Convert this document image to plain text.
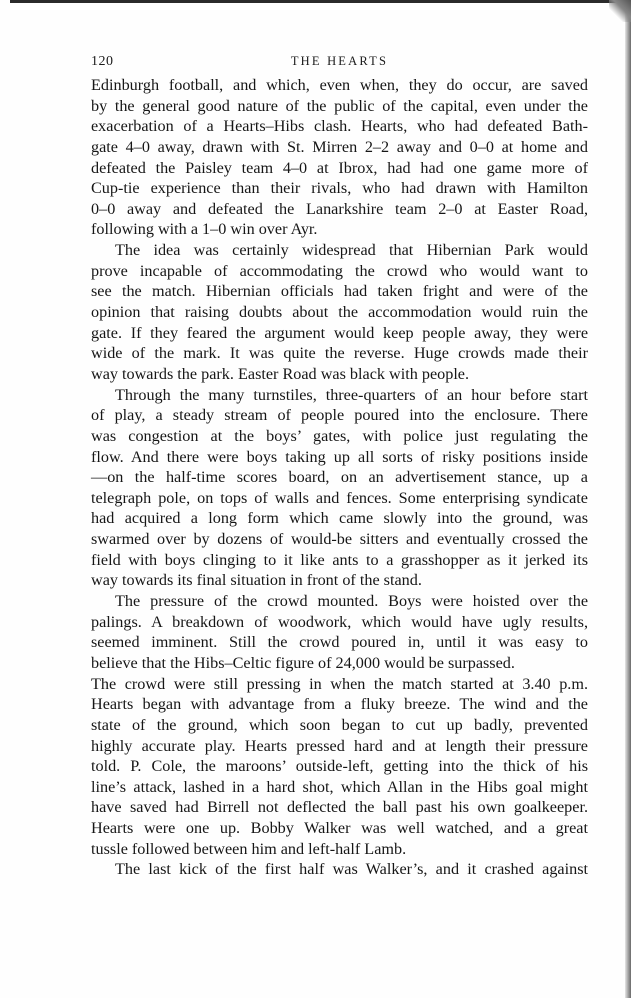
120	THE HEARTS
Edinburgh football, and which, even when, they do occur, are saved
by the general good nature of the public of the capital, even under the
exacerbation of a Hearts–Hibs clash. Hearts, who had defeated Bath-
gate 4–0 away, drawn with St. Mirren 2–2 away and 0–0 at home and
defeated the Paisley team 4–0 at Ibrox, had had one game more of
Cup-tie experience than their rivals, who had drawn with Hamilton
0–0 away and defeated the Lanarkshire team 2–0 at Easter Road,
following with a 1–0 win over Ayr.
The idea was certainly widespread that Hibernian Park would
prove incapable of accommodating the crowd who would want to
see the match. Hibernian officials had taken fright and were of the
opinion that raising doubts about the accommodation would ruin the
gate. If they feared the argument would keep people away, they were
wide of the mark. It was quite the reverse. Huge crowds made their
way towards the park. Easter Road was black with people.
Through the many turnstiles, three-quarters of an hour before start
of play, a steady stream of people poured into the enclosure. There
was congestion at the boys’ gates, with police just regulating the
flow. And there were boys taking up all sorts of risky positions inside
—on the half-time scores board, on an advertisement stance, up a
telegraph pole, on tops of walls and fences. Some enterprising syndicate
had acquired a long form which came slowly into the ground, was
swarmed over by dozens of would-be sitters and eventually crossed the
field with boys clinging to it like ants to a grasshopper as it jerked its
way towards its final situation in front of the stand.
The pressure of the crowd mounted. Boys were hoisted over the
palings. A breakdown of woodwork, which would have ugly results,
seemed imminent. Still the crowd poured in, until it was easy to
believe that the Hibs–Celtic figure of 24,000 would be surpassed.
The crowd were still pressing in when the match started at 3.40 p.m.
Hearts began with advantage from a fluky breeze. The wind and the
state of the ground, which soon began to cut up badly, prevented
highly accurate play. Hearts pressed hard and at length their pressure
told. P. Cole, the maroons’ outside-left, getting into the thick of his
line’s attack, lashed in a hard shot, which Allan in the Hibs goal might
have saved had Birrell not deflected the ball past his own goalkeeper.
Hearts were one up. Bobby Walker was well watched, and a great
tussle followed between him and left-half Lamb.
The last kick of the first half was Walker’s, and it crashed against
